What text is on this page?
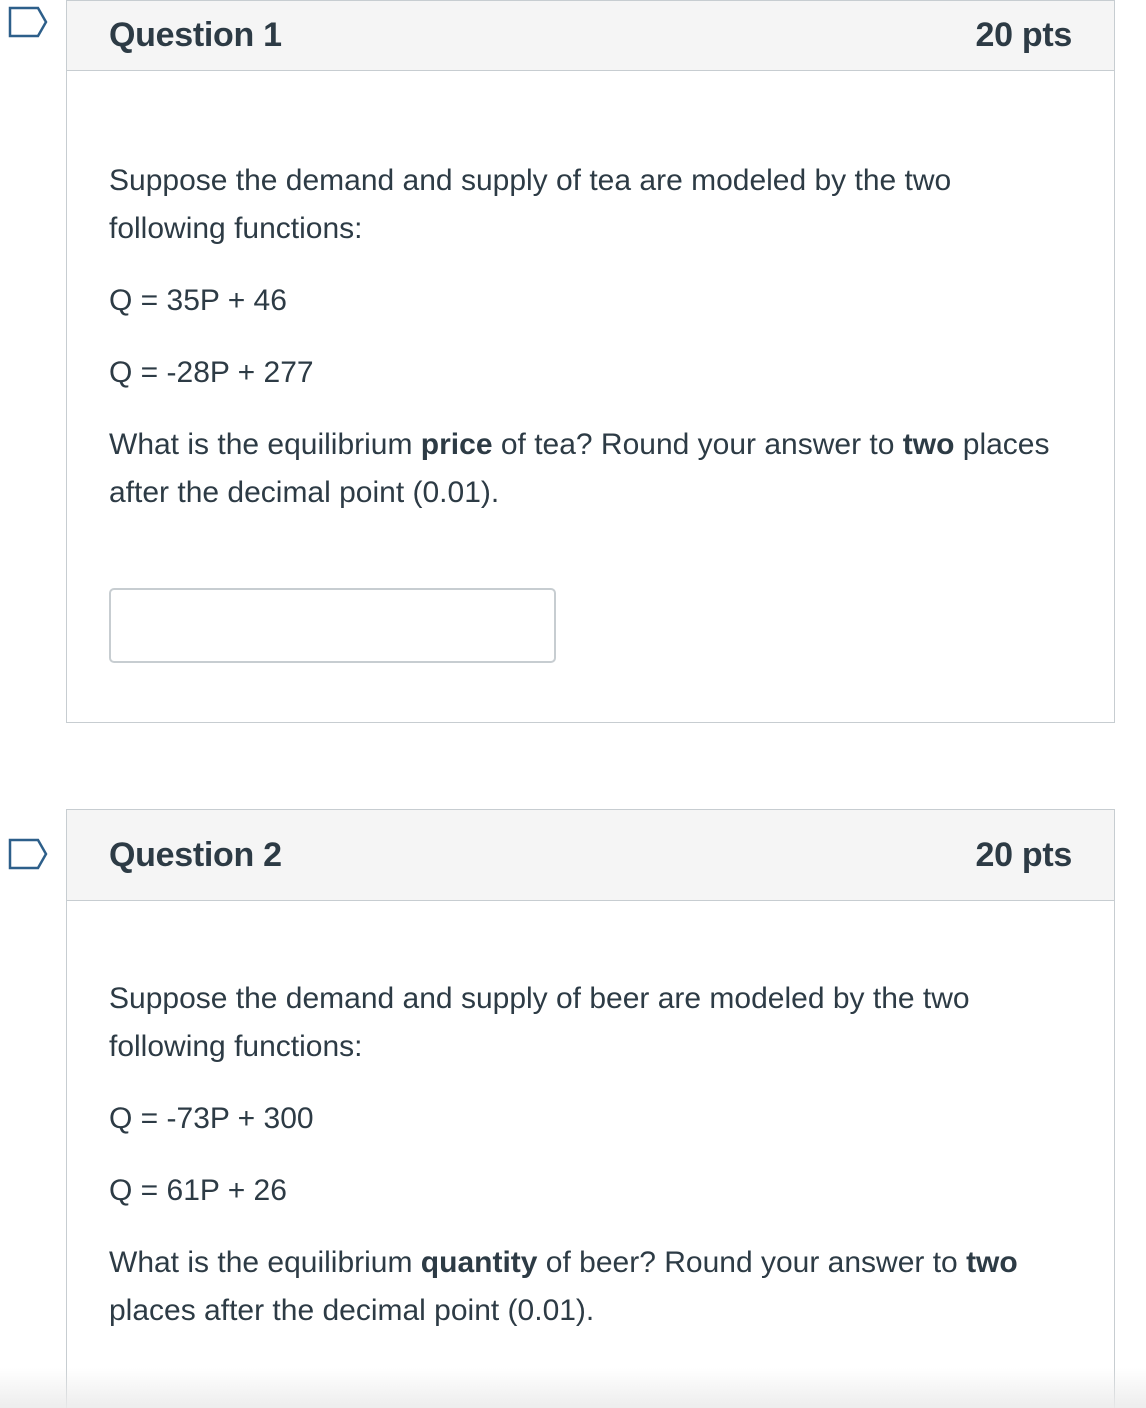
Question 1	20 pts

Suppose the demand and supply of tea are modeled by the two following functions:

Q = 35P + 46

Q = -28P + 277

What is the equilibrium price of tea? Round your answer to two places after the decimal point (0.01).

Question 2	20 pts

Suppose the demand and supply of beer are modeled by the two following functions:

Q = -73P + 300

Q = 61P + 26

What is the equilibrium quantity of beer? Round your answer to two places after the decimal point (0.01).
